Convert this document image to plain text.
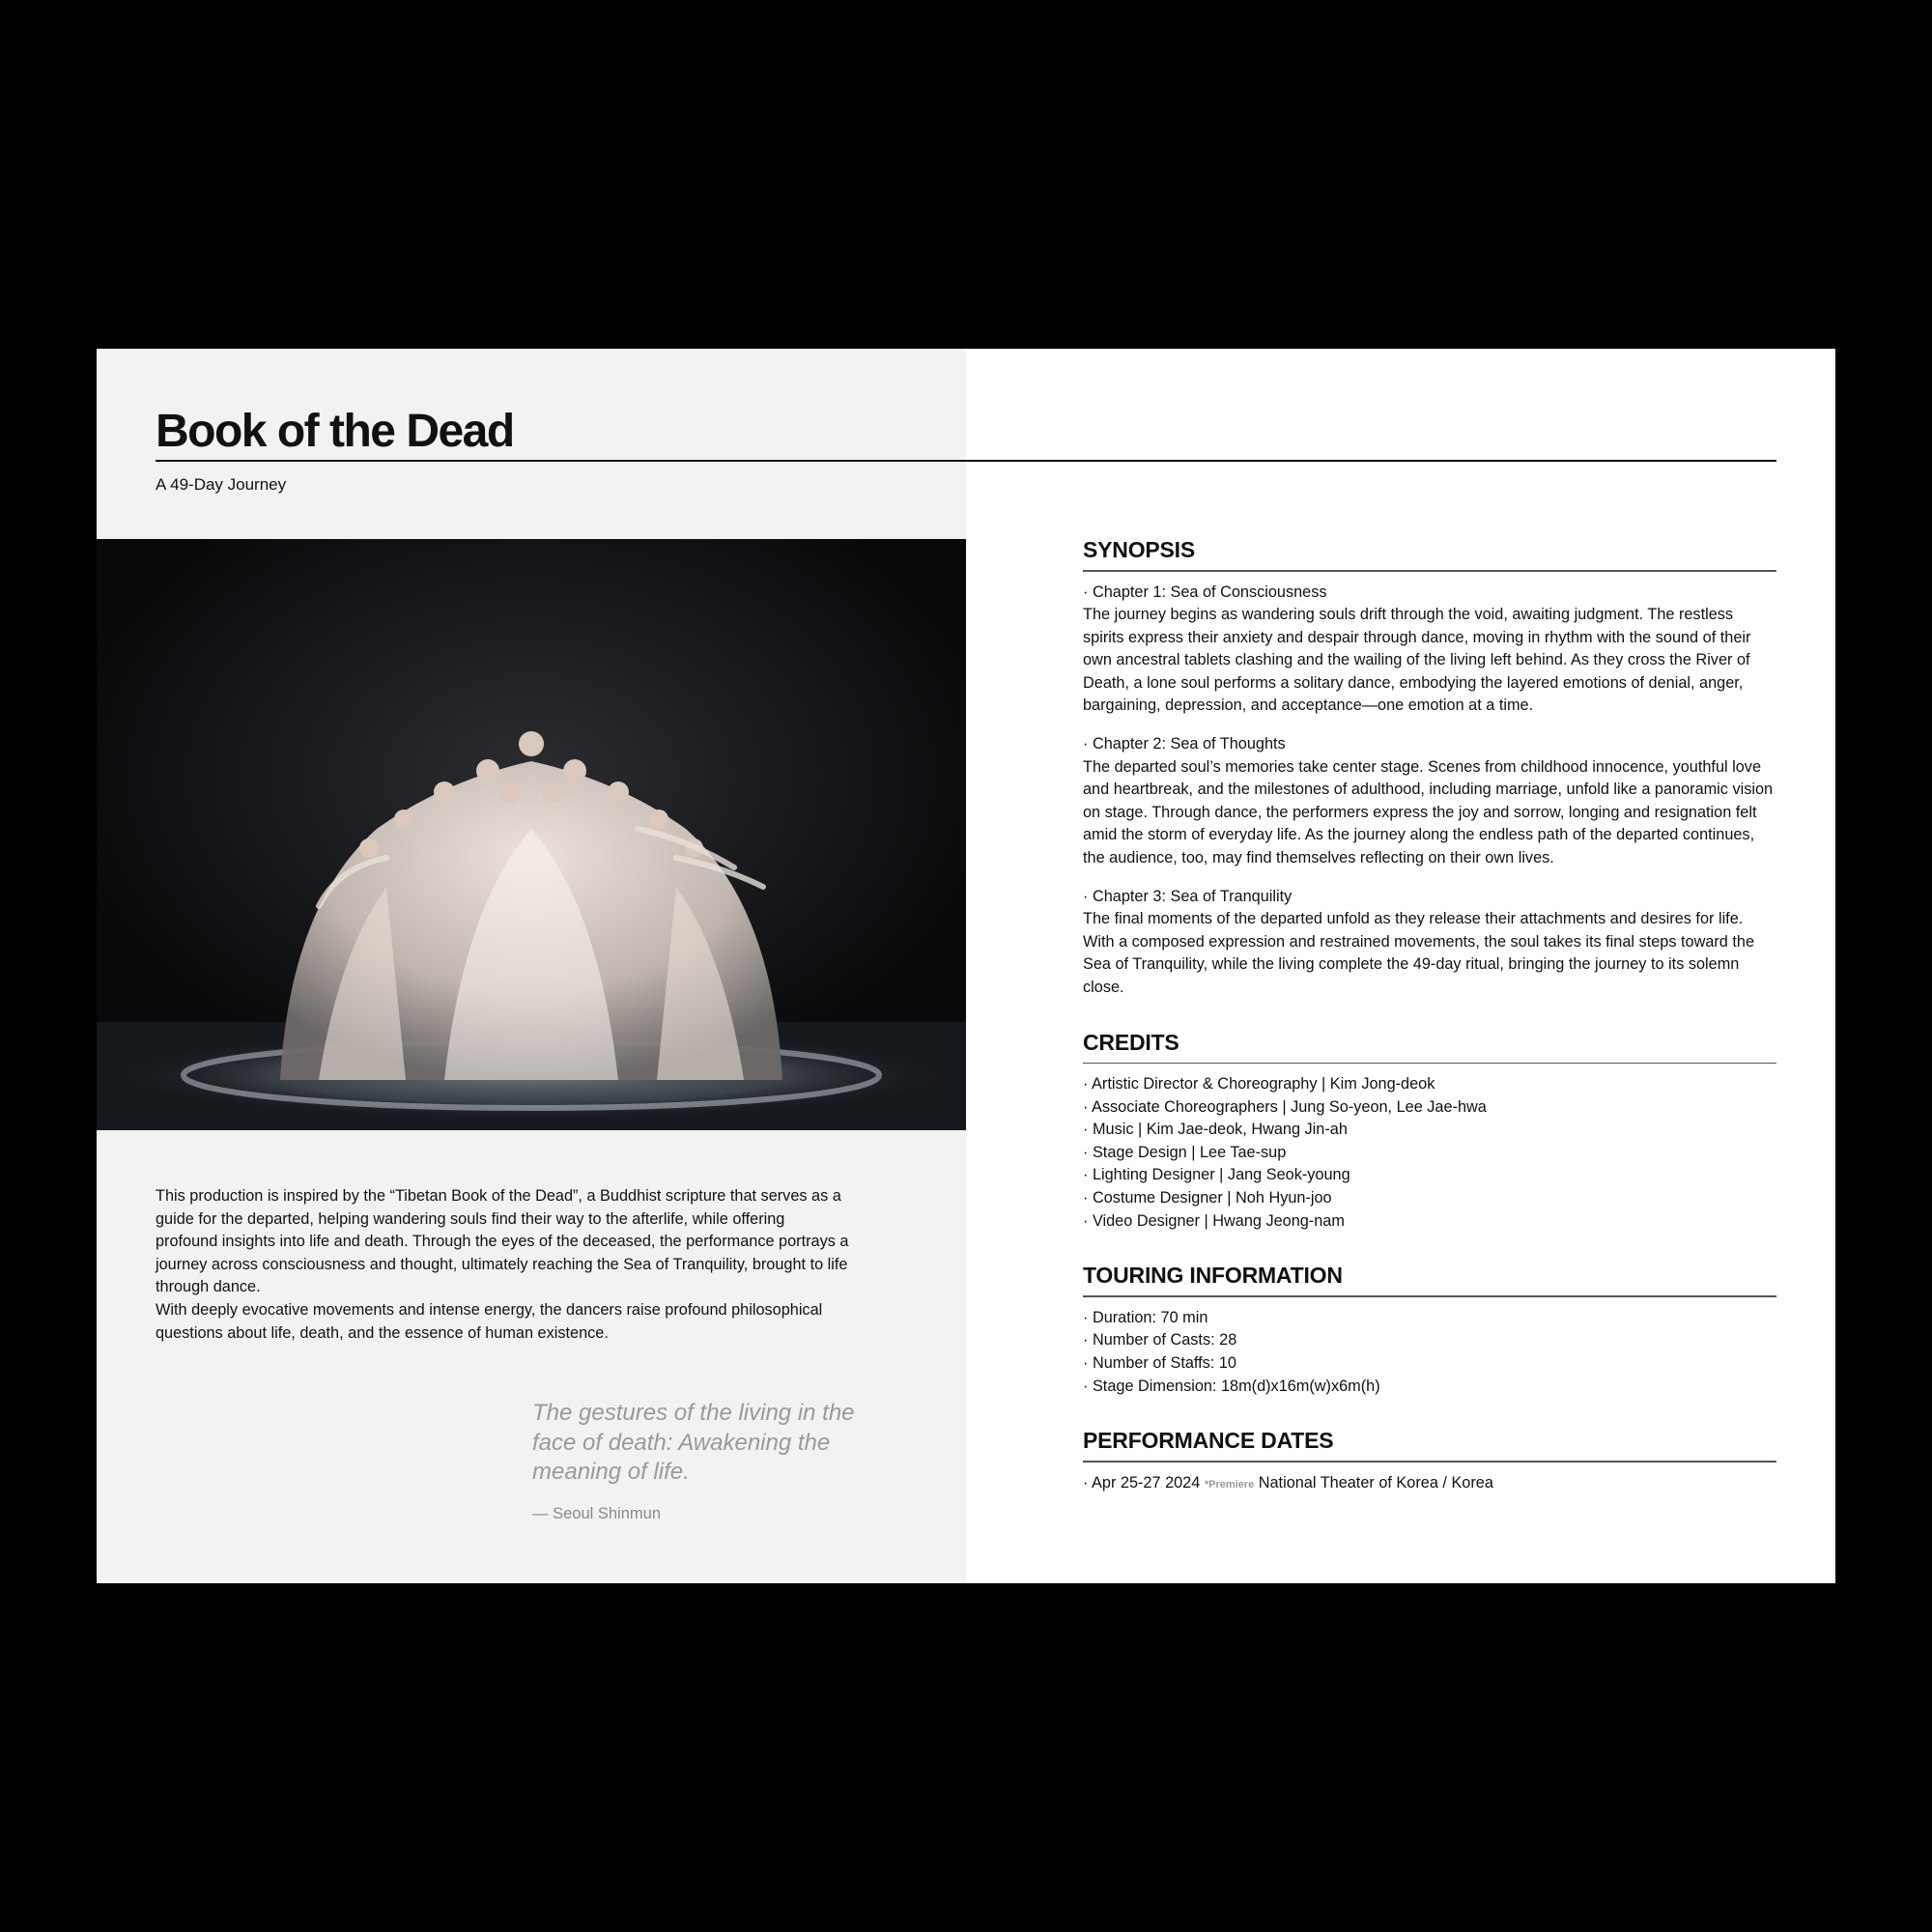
Book of the Dead
A 49-Day Journey

This production is inspired by the “Tibetan Book of the Dead”, a Buddhist scripture that serves as a guide for the departed, helping wandering souls find their way to the afterlife, while offering profound insights into life and death. Through the eyes of the deceased, the performance portrays a journey across consciousness and thought, ultimately reaching the Sea of Tranquility, brought to life through dance.

With deeply evocative movements and intense energy, the dancers raise profound philosophical questions about life, death, and the essence of human existence.

The gestures of the living in the face of death: Awakening the meaning of life.

— Seoul Shinmun
SYNOPSIS
· Chapter 1: Sea of Consciousness
The journey begins as wandering souls drift through the void, awaiting judgment. The restless spirits express their anxiety and despair through dance, moving in rhythm with the sound of their own ancestral tablets clashing and the wailing of the living left behind. As they cross the River of Death, a lone soul performs a solitary dance, embodying the layered emotions of denial, anger, bargaining, depression, and acceptance—one emotion at a time.
· Chapter 2: Sea of Thoughts
The departed soul’s memories take center stage. Scenes from childhood innocence, youthful love and heartbreak, and the milestones of adulthood, including marriage, unfold like a panoramic vision on stage. Through dance, the performers express the joy and sorrow, longing and resignation felt amid the storm of everyday life. As the journey along the endless path of the departed continues, the audience, too, may find themselves reflecting on their own lives.
· Chapter 3: Sea of Tranquility
The final moments of the departed unfold as they release their attachments and desires for life. With a composed expression and restrained movements, the soul takes its final steps toward the Sea of Tranquility, while the living complete the 49-day ritual, bringing the journey to its solemn close.
CREDITS
· Artistic Director & Choreography | Kim Jong-deok
· Associate Choreographers | Jung So-yeon, Lee Jae-hwa
· Music | Kim Jae-deok, Hwang Jin-ah
· Stage Design | Lee Tae-sup
· Lighting Designer | Jang Seok-young
· Costume Designer | Noh Hyun-joo
· Video Designer | Hwang Jeong-nam
TOURING INFORMATION
· Duration: 70 min
· Number of Casts: 28
· Number of Staffs: 10
· Stage Dimension: 18m(d)x16m(w)x6m(h)
PERFORMANCE DATES
· Apr 25-27 2024 *Premiere National Theater of Korea / Korea
